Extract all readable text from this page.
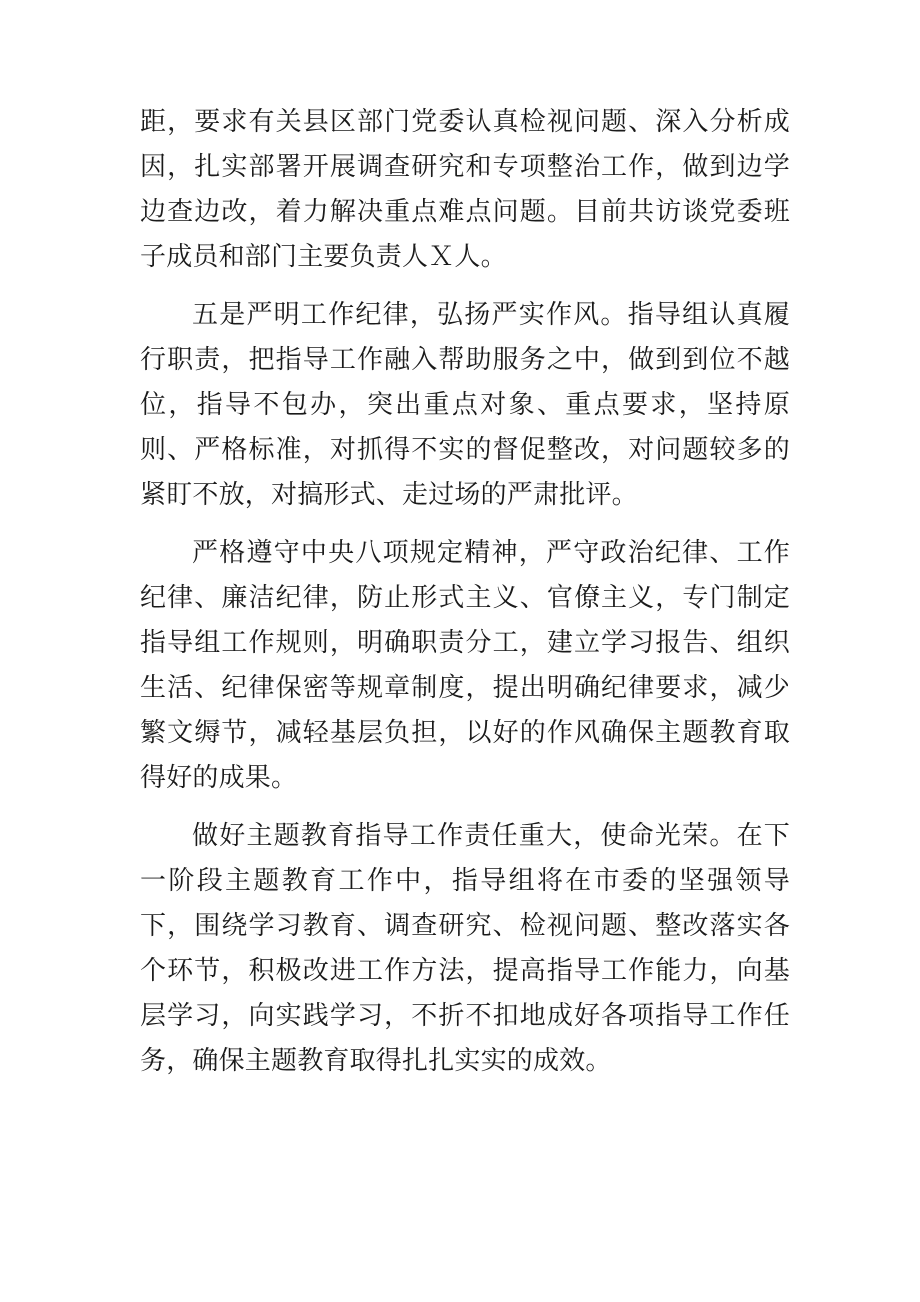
距，要求有关县区部门党委认真检视问题、深入分析成因，扎实部署开展调查研究和专项整治工作，做到边学边查边改，着力解决重点难点问题。目前共访谈党委班子成员和部门主要负责人Ｘ人。

五是严明工作纪律，弘扬严实作风。指导组认真履行职责，把指导工作融入帮助服务之中，做到到位不越位，指导不包办，突出重点对象、重点要求，坚持原则、严格标准，对抓得不实的督促整改，对问题较多的紧盯不放，对搞形式、走过场的严肃批评。

严格遵守中央八项规定精神，严守政治纪律、工作纪律、廉洁纪律，防止形式主义、官僚主义，专门制定指导组工作规则，明确职责分工，建立学习报告、组织生活、纪律保密等规章制度，提出明确纪律要求，减少繁文缛节，减轻基层负担，以好的作风确保主题教育取得好的成果。

做好主题教育指导工作责任重大，使命光荣。在下一阶段主题教育工作中，指导组将在市委的坚强领导下，围绕学习教育、调查研究、检视问题、整改落实各个环节，积极改进工作方法，提高指导工作能力，向基层学习，向实践学习，不折不扣地成好各项指导工作任务，确保主题教育取得扎扎实实的成效。
